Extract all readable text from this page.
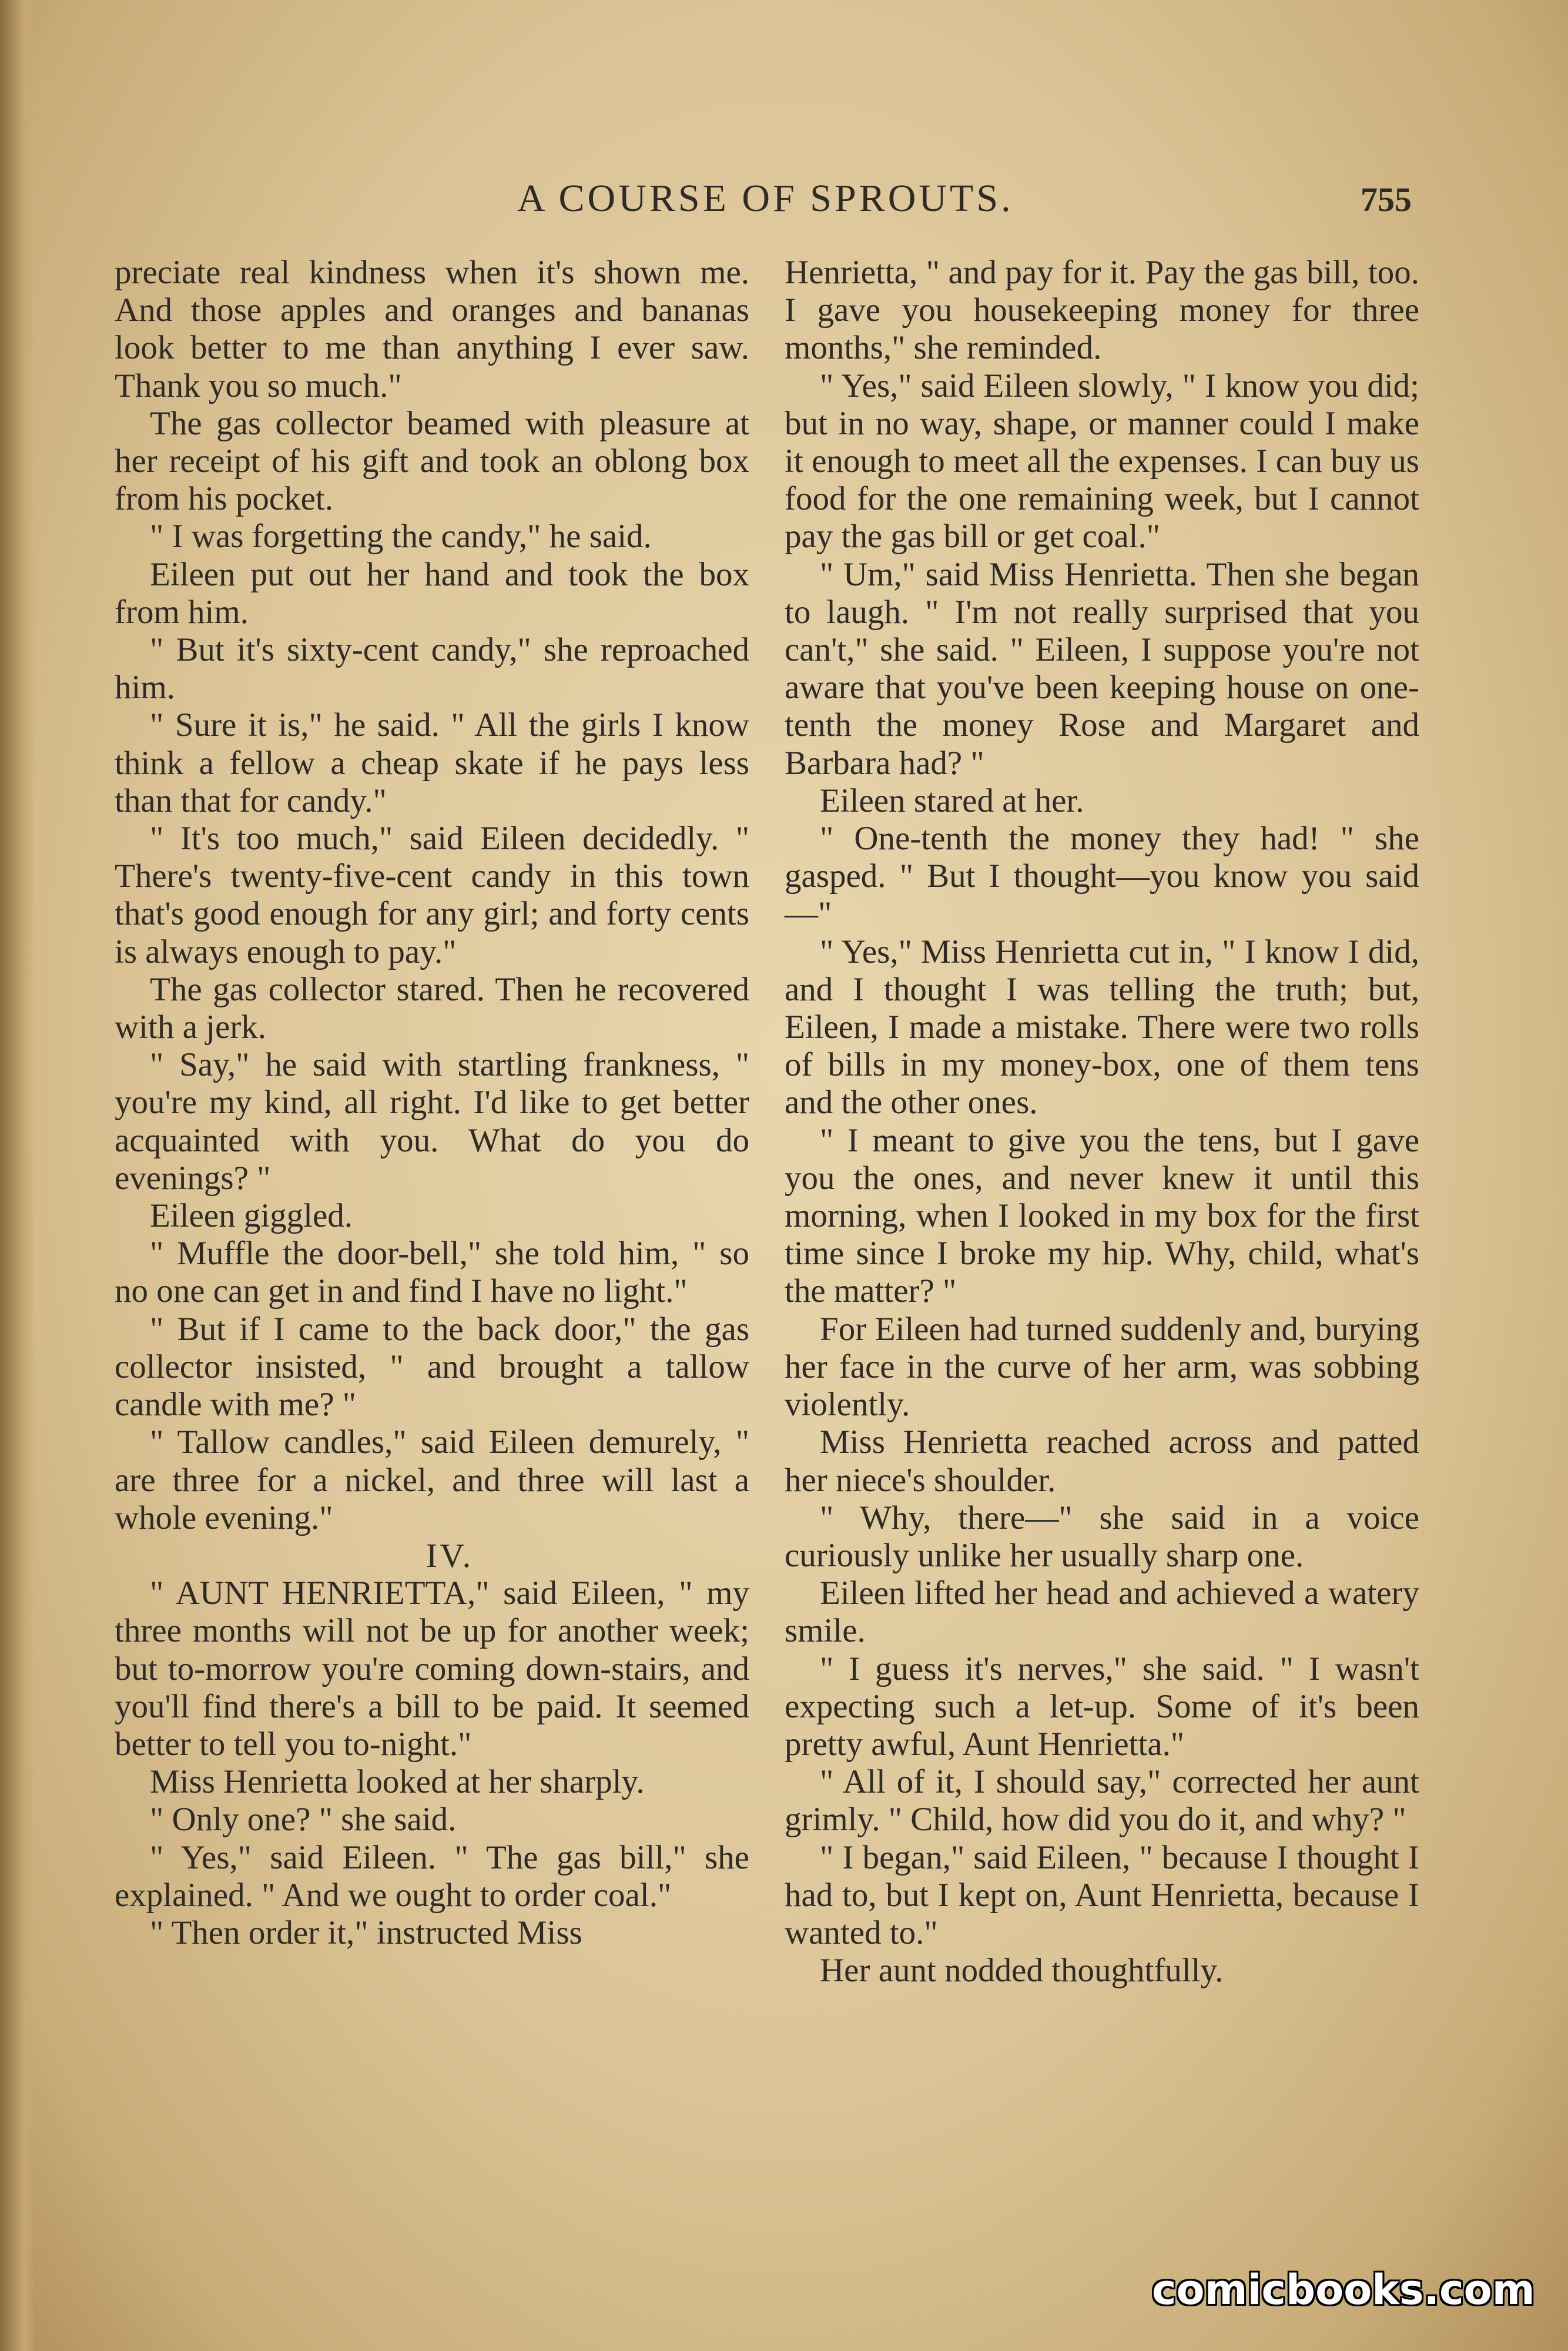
A COURSE OF SPROUTS.	755

preciate real kindness when it's shown me. And those apples and oranges and bananas look better to me than anything I ever saw. Thank you so much."

The gas collector beamed with pleasure at her receipt of his gift and took an oblong box from his pocket.

" I was forgetting the candy," he said.

Eileen put out her hand and took the box from him.

" But it's sixty-cent candy," she reproached him.

" Sure it is," he said. " All the girls I know think a fellow a cheap skate if he pays less than that for candy."

" It's too much," said Eileen decidedly. " There's twenty-five-cent candy in this town that's good enough for any girl; and forty cents is always enough to pay."

The gas collector stared. Then he recovered with a jerk.

" Say," he said with startling frankness, " you're my kind, all right. I'd like to get better acquainted with you. What do you do evenings? "

Eileen giggled.

" Muffle the door-bell," she told him, " so no one can get in and find I have no light."

" But if I came to the back door," the gas collector insisted, " and brought a tallow candle with me? "

" Tallow candles," said Eileen demurely, " are three for a nickel, and three will last a whole evening."

IV.

" AUNT HENRIETTA," said Eileen, " my three months will not be up for another week; but to-morrow you're coming down-stairs, and you'll find there's a bill to be paid. It seemed better to tell you to-night."

Miss Henrietta looked at her sharply.

" Only one? " she said.

" Yes," said Eileen. " The gas bill," she explained. " And we ought to order coal."

" Then order it," instructed Miss

Henrietta, " and pay for it. Pay the gas bill, too. I gave you housekeeping money for three months," she reminded.

" Yes," said Eileen slowly, " I know you did; but in no way, shape, or manner could I make it enough to meet all the expenses. I can buy us food for the one remaining week, but I cannot pay the gas bill or get coal."

" Um," said Miss Henrietta. Then she began to laugh. " I'm not really surprised that you can't," she said. " Eileen, I suppose you're not aware that you've been keeping house on one-tenth the money Rose and Margaret and Barbara had? "

Eileen stared at her.

" One-tenth the money they had! " she gasped. " But I thought—you know you said—"

" Yes," Miss Henrietta cut in, " I know I did, and I thought I was telling the truth; but, Eileen, I made a mistake. There were two rolls of bills in my money-box, one of them tens and the other ones.

" I meant to give you the tens, but I gave you the ones, and never knew it until this morning, when I looked in my box for the first time since I broke my hip. Why, child, what's the matter? "

For Eileen had turned suddenly and, burying her face in the curve of her arm, was sobbing violently.

Miss Henrietta reached across and patted her niece's shoulder.

" Why, there—" she said in a voice curiously unlike her usually sharp one.

Eileen lifted her head and achieved a watery smile.

" I guess it's nerves," she said. " I wasn't expecting such a let-up. Some of it's been pretty awful, Aunt Henrietta."

" All of it, I should say," corrected her aunt grimly. " Child, how did you do it, and why? "

" I began," said Eileen, " because I thought I had to, but I kept on, Aunt Henrietta, because I wanted to."

Her aunt nodded thoughtfully.

comicbooks.com
